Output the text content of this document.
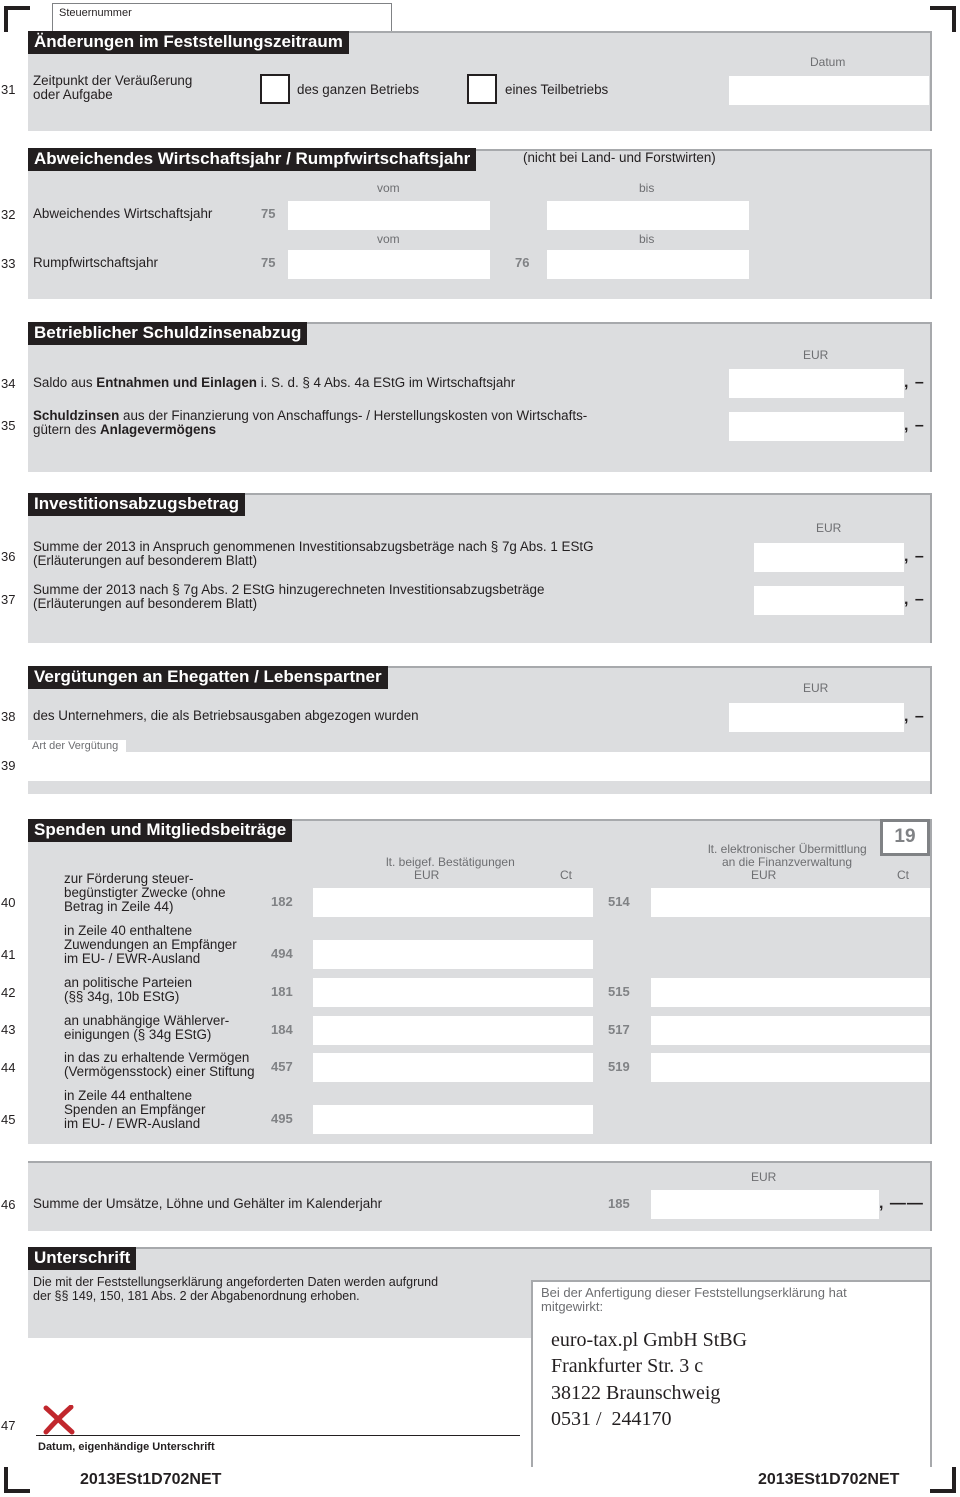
Steuernummer
Änderungen im Feststellungszeitraum
Datum
31
Zeitpunkt der Veräußerung
oder Aufgabe	des ganzen Betriebs	eines Teilbetriebs
Abweichendes Wirtschaftsjahr / Rumpfwirtschaftsjahr	(nicht bei Land- und Forstwirten)
vom	bis
32	Abweichendes Wirtschaftsjahr	75
vom	bis
33	Rumpfwirtschaftsjahr	75	76
Betrieblicher Schuldzinsenabzug
EUR
34	Saldo aus Entnahmen und Einlagen i. S. d. § 4 Abs. 4a EStG im Wirtschaftsjahr	, –
35
Schuldzinsen aus der Finanzierung von Anschaffungs- / Herstellungskosten von Wirtschafts-
gütern des Anlagevermögens	, –
Investitionsabzugsbetrag
EUR
36
Summe der 2013 in Anspruch genommenen Investitionsabzugsbeträge nach § 7g Abs. 1 EStG
(Erläuterungen auf besonderem Blatt)	, –
37
Summe der 2013 nach § 7g Abs. 2 EStG hinzugerechneten Investitionsabzugsbeträge
(Erläuterungen auf besonderem Blatt)	, –
Vergütungen an Ehegatten / Lebenspartner
EUR
38	des Unternehmers, die als Betriebsausgaben abgezogen wurden	, –
39
Art der Vergütung
Spenden und Mitgliedsbeiträge	19
lt. beigef. Bestätigungen
EUR	Ct
lt. elektronischer Übermittlung
an die Finanzverwaltung
EUR	Ct
40
zur Förderung steuer-
begünstigter Zwecke (ohne
Betrag in Zeile 44)	182	514
41
in Zeile 40 enthaltene
Zuwendungen an Empfänger
im EU- / EWR-Ausland	494
42
an politische Parteien
(§§ 34g, 10b EStG)	181	515
43
an unabhängige Wählerver-
einigungen (§ 34g EStG)	184	517
44
in das zu erhaltende Vermögen
(Vermögensstock) einer Stiftung 457	519
45
in Zeile 44 enthaltene
Spenden an Empfänger
im EU- / EWR-Ausland	495
EUR
46	Summe der Umsätze, Löhne und Gehälter im Kalenderjahr	185	, ——
Unterschrift
Die mit der Feststellungserklärung angeforderten Daten werden aufgrund
der §§ 149, 150, 181 Abs. 2 der Abgabenordnung erhoben.
47
Datum, eigenhändige Unterschrift
Bei der Anfertigung dieser Feststellungserklärung hat
mitgewirkt:
euro-tax.pl GmbH StBG
Frankfurter Str. 3 c
38122 Braunschweig
0531 /  244170
2013ESt1D702NET	2013ESt1D702NET
